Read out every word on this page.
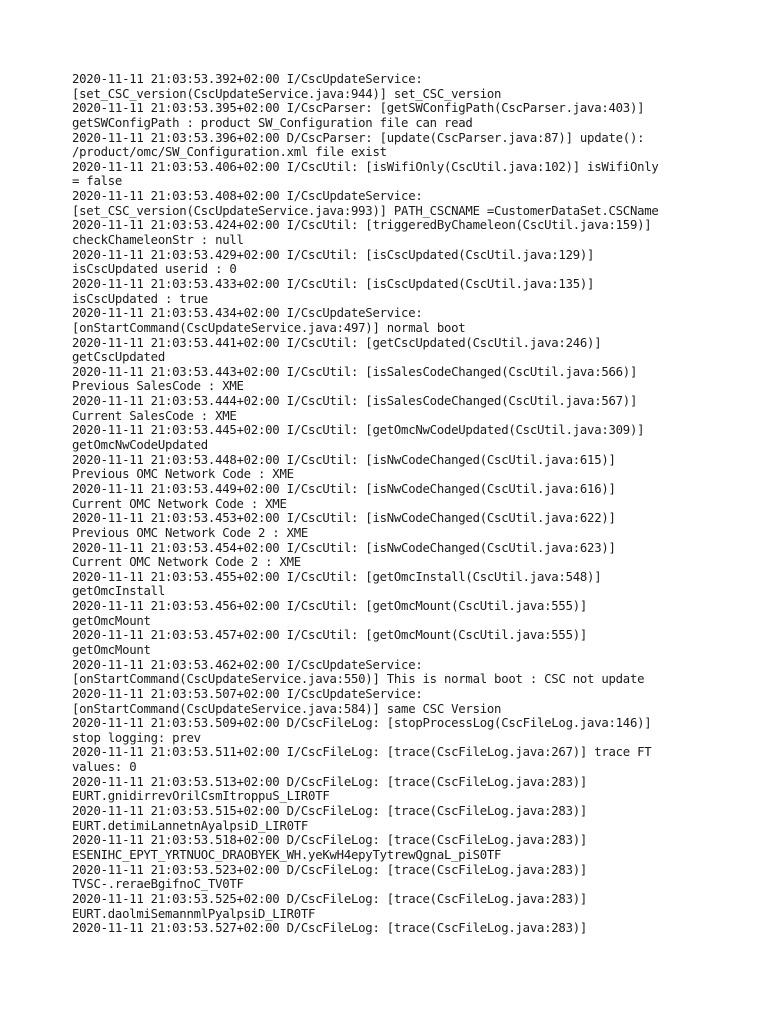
2020-11-11 21:03:53.392+02:00 I/CscUpdateService:
[set_CSC_version(CscUpdateService.java:944)] set_CSC_version
2020-11-11 21:03:53.395+02:00 I/CscParser: [getSWConfigPath(CscParser.java:403)]
getSWConfigPath : product SW_Configuration file can read
2020-11-11 21:03:53.396+02:00 D/CscParser: [update(CscParser.java:87)] update():
/product/omc/SW_Configuration.xml file exist
2020-11-11 21:03:53.406+02:00 I/CscUtil: [isWifiOnly(CscUtil.java:102)] isWifiOnly
= false
2020-11-11 21:03:53.408+02:00 I/CscUpdateService:
[set_CSC_version(CscUpdateService.java:993)] PATH_CSCNAME =CustomerDataSet.CSCName
2020-11-11 21:03:53.424+02:00 I/CscUtil: [triggeredByChameleon(CscUtil.java:159)]
checkChameleonStr : null
2020-11-11 21:03:53.429+02:00 I/CscUtil: [isCscUpdated(CscUtil.java:129)]
isCscUpdated userid : 0
2020-11-11 21:03:53.433+02:00 I/CscUtil: [isCscUpdated(CscUtil.java:135)]
isCscUpdated : true
2020-11-11 21:03:53.434+02:00 I/CscUpdateService:
[onStartCommand(CscUpdateService.java:497)] normal boot
2020-11-11 21:03:53.441+02:00 I/CscUtil: [getCscUpdated(CscUtil.java:246)]
getCscUpdated
2020-11-11 21:03:53.443+02:00 I/CscUtil: [isSalesCodeChanged(CscUtil.java:566)]
Previous SalesCode : XME
2020-11-11 21:03:53.444+02:00 I/CscUtil: [isSalesCodeChanged(CscUtil.java:567)]
Current SalesCode : XME
2020-11-11 21:03:53.445+02:00 I/CscUtil: [getOmcNwCodeUpdated(CscUtil.java:309)]
getOmcNwCodeUpdated
2020-11-11 21:03:53.448+02:00 I/CscUtil: [isNwCodeChanged(CscUtil.java:615)]
Previous OMC Network Code : XME
2020-11-11 21:03:53.449+02:00 I/CscUtil: [isNwCodeChanged(CscUtil.java:616)]
Current OMC Network Code : XME
2020-11-11 21:03:53.453+02:00 I/CscUtil: [isNwCodeChanged(CscUtil.java:622)]
Previous OMC Network Code 2 : XME
2020-11-11 21:03:53.454+02:00 I/CscUtil: [isNwCodeChanged(CscUtil.java:623)]
Current OMC Network Code 2 : XME
2020-11-11 21:03:53.455+02:00 I/CscUtil: [getOmcInstall(CscUtil.java:548)]
getOmcInstall
2020-11-11 21:03:53.456+02:00 I/CscUtil: [getOmcMount(CscUtil.java:555)]
getOmcMount
2020-11-11 21:03:53.457+02:00 I/CscUtil: [getOmcMount(CscUtil.java:555)]
getOmcMount
2020-11-11 21:03:53.462+02:00 I/CscUpdateService:
[onStartCommand(CscUpdateService.java:550)] This is normal boot : CSC not update
2020-11-11 21:03:53.507+02:00 I/CscUpdateService:
[onStartCommand(CscUpdateService.java:584)] same CSC Version
2020-11-11 21:03:53.509+02:00 D/CscFileLog: [stopProcessLog(CscFileLog.java:146)]
stop logging: prev
2020-11-11 21:03:53.511+02:00 I/CscFileLog: [trace(CscFileLog.java:267)] trace FT
values: 0
2020-11-11 21:03:53.513+02:00 D/CscFileLog: [trace(CscFileLog.java:283)]
EURT.gnidirrevOrilCsmItroppuS_LIR0TF
2020-11-11 21:03:53.515+02:00 D/CscFileLog: [trace(CscFileLog.java:283)]
EURT.detimiLannetnAyalpsiD_LIR0TF
2020-11-11 21:03:53.518+02:00 D/CscFileLog: [trace(CscFileLog.java:283)]
ESENIHC_EPYT_YRTNUOC_DRAOBYEK_WH.yeKwH4epyTytrewQgnaL_piS0TF
2020-11-11 21:03:53.523+02:00 D/CscFileLog: [trace(CscFileLog.java:283)]
TVSC-.reraeBgifnoC_TV0TF
2020-11-11 21:03:53.525+02:00 D/CscFileLog: [trace(CscFileLog.java:283)]
EURT.daolmiSemannmlPyalpsiD_LIR0TF
2020-11-11 21:03:53.527+02:00 D/CscFileLog: [trace(CscFileLog.java:283)]
